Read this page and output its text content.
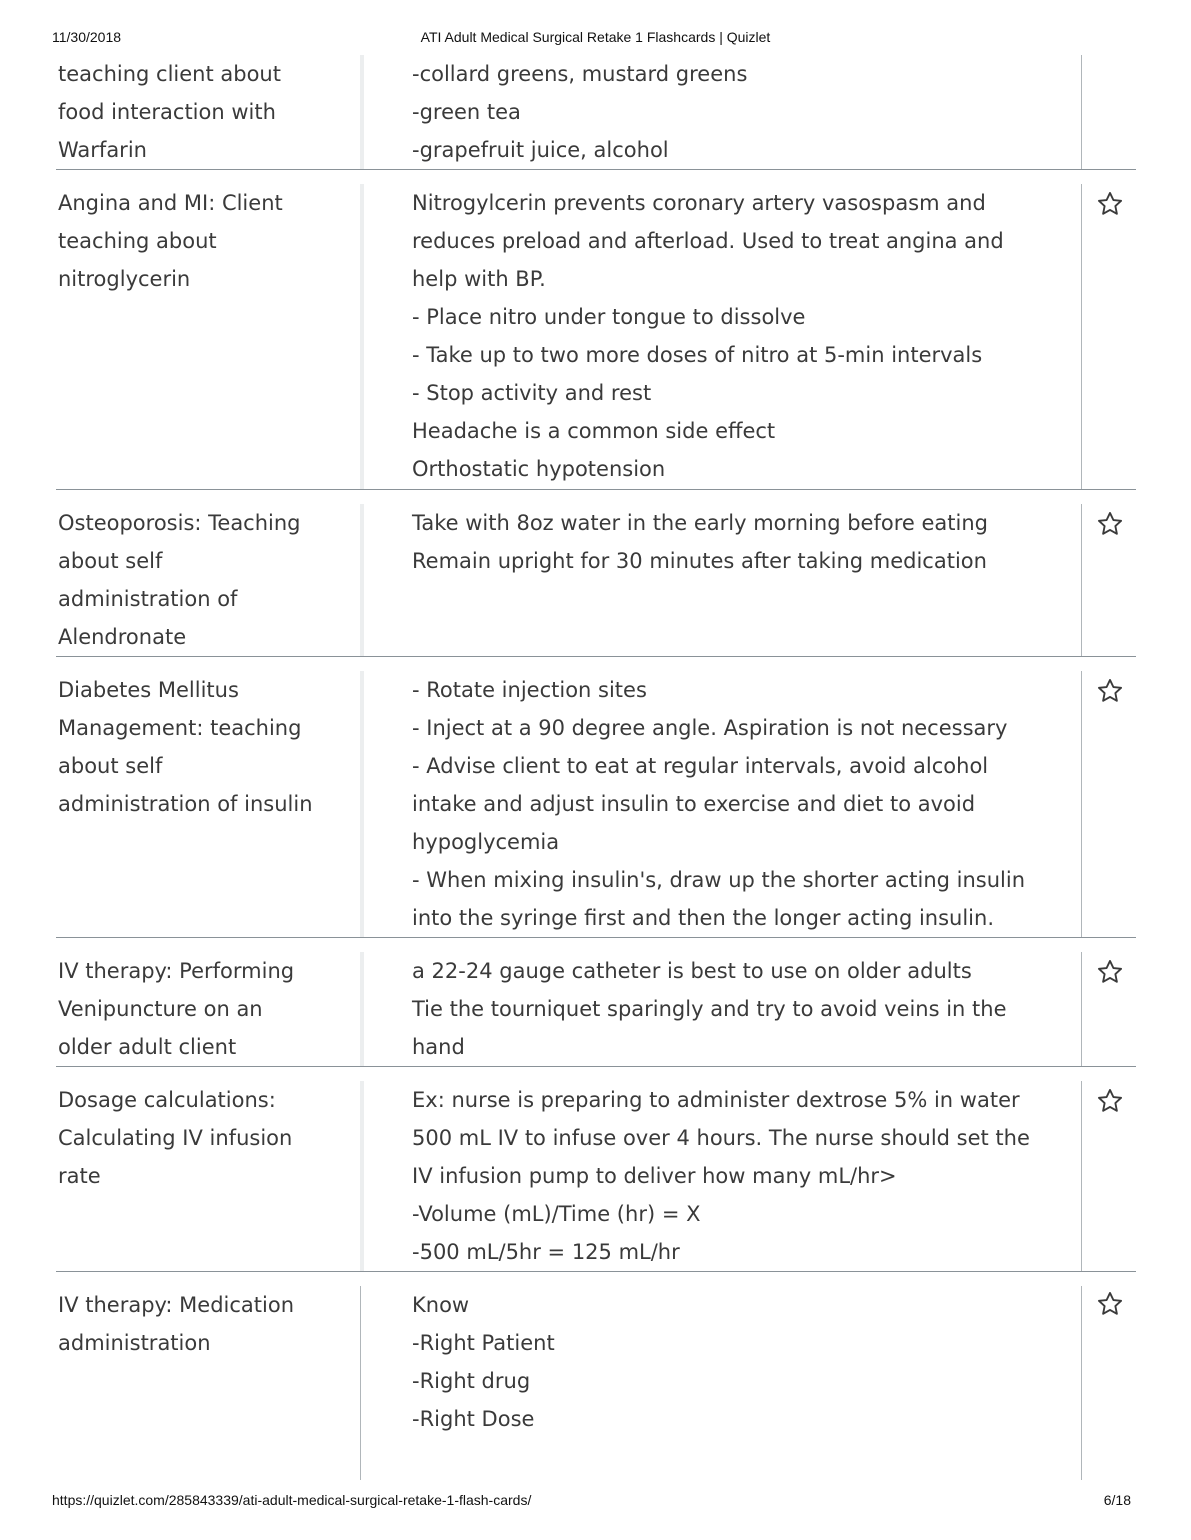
11/30/2018	ATI Adult Medical Surgical Retake 1 Flashcards | Quizlet
teaching client about
food interaction with
Warfarin
-collard greens, mustard greens
-green tea
-grapefruit juice, alcohol
Angina and MI: Client
teaching about
nitroglycerin
Nitrogylcerin prevents coronary artery vasospasm and
reduces preload and afterload. Used to treat angina and
help with BP.
- Place nitro under tongue to dissolve
- Take up to two more doses of nitro at 5-min intervals
- Stop activity and rest
Headache is a common side effect
Orthostatic hypotension
Osteoporosis: Teaching
about self
administration of
Alendronate
Take with 8oz water in the early morning before eating
Remain upright for 30 minutes after taking medication
Diabetes Mellitus
Management: teaching
about self
administration of insulin
- Rotate injection sites
- Inject at a 90 degree angle. Aspiration is not necessary
- Advise client to eat at regular intervals, avoid alcohol
intake and adjust insulin to exercise and diet to avoid
hypoglycemia
- When mixing insulin's, draw up the shorter acting insulin
into the syringe first and then the longer acting insulin.
IV therapy: Performing
Venipuncture on an
older adult client
a 22-24 gauge catheter is best to use on older adults
Tie the tourniquet sparingly and try to avoid veins in the
hand
Dosage calculations:
Calculating IV infusion
rate
Ex: nurse is preparing to administer dextrose 5% in water
500 mL IV to infuse over 4 hours. The nurse should set the
IV infusion pump to deliver how many mL/hr>
-Volume (mL)/Time (hr) = X
-500 mL/5hr = 125 mL/hr
IV therapy: Medication
administration
Know
-Right Patient
-Right drug
-Right Dose
https://quizlet.com/285843339/ati-adult-medical-surgical-retake-1-flash-cards/	6/18
